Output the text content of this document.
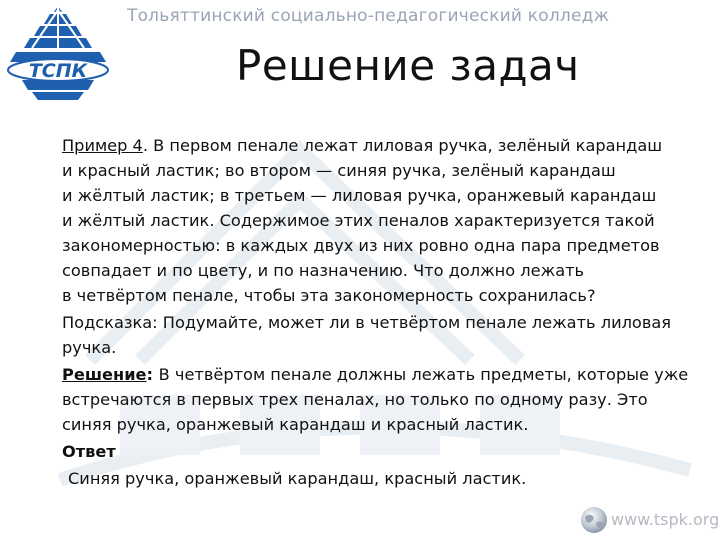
ТСПК
Тольяттинский социально-педагогический колледж
Решение задач
Пример 4. В первом пенале лежат лиловая ручка, зелёный карандаш
и красный ластик; во втором — синяя ручка, зелёный карандаш
и жёлтый ластик; в третьем — лиловая ручка, оранжевый карандаш
и жёлтый ластик. Содержимое этих пеналов характеризуется такой
закономерностью: в каждых двух из них ровно одна пара предметов
совпадает и по цвету, и по назначению. Что должно лежать
в четвёртом пенале, чтобы эта закономерность сохранилась?
Подсказка: Подумайте, может ли в четвёртом пенале лежать лиловая
ручка.
Решение: В четвёртом пенале должны лежать предметы, которые уже
встречаются в первых трех пеналах, но только по одному разу. Это
синяя ручка, оранжевый карандаш и красный ластик.
Ответ
Синяя ручка, оранжевый карандаш, красный ластик.
www.tspk.org
